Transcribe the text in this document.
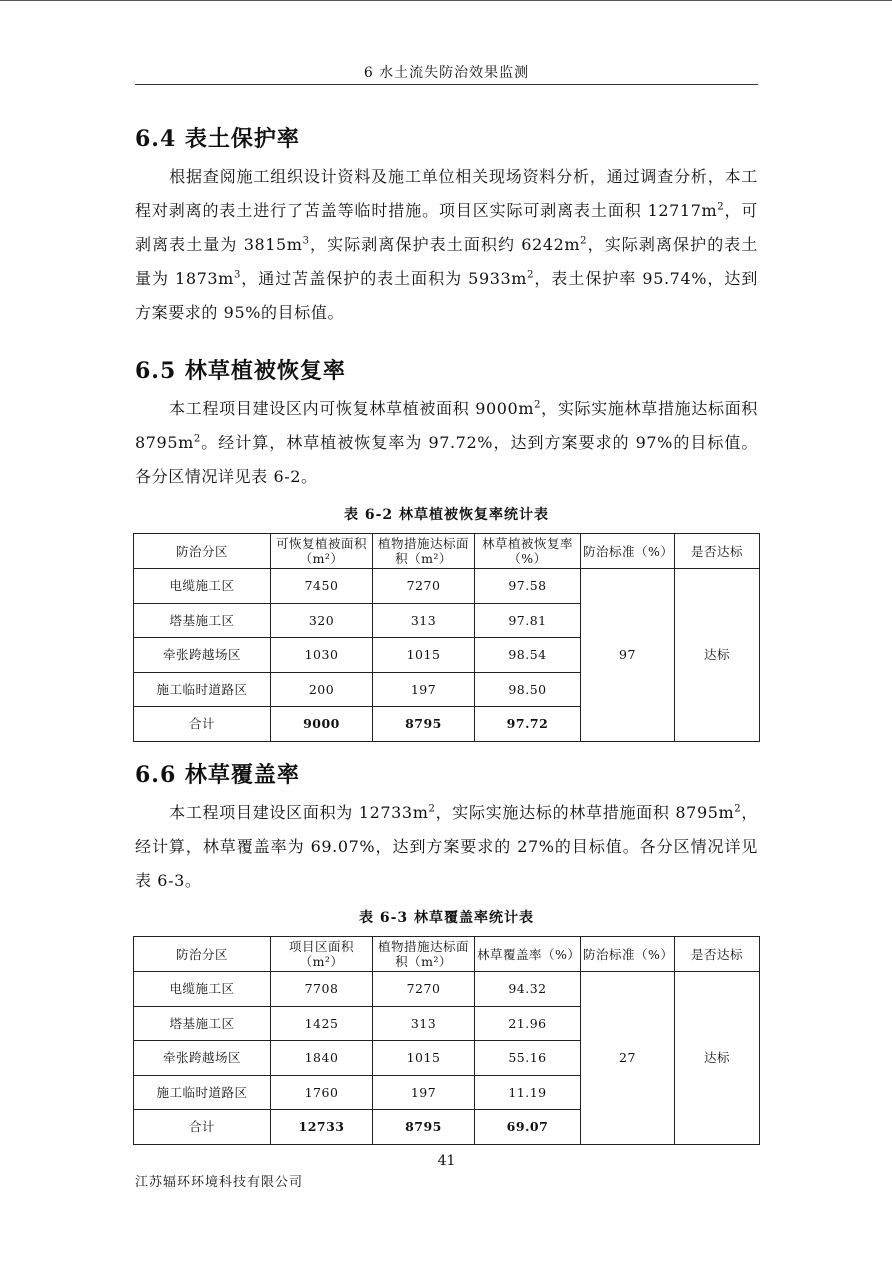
6 水土流失防治效果监测
6.4 表土保护率

根据查阅施工组织设计资料及施工单位相关现场资料分析，通过调查分析，本工程对剥离的表土进行了苫盖等临时措施。项目区实际可剥离表土面积 $12717m^2$，可剥离表土量为 $3815m^3$，实际剥离保护表土面积约 $6242m^2$，实际剥离保护的表土量为 $1873m^3$，通过苫盖保护的表土面积为 $5933m^2$，表土保护率 95.74%，达到方案要求的 95%的目标值。

6.5 林草植被恢复率

本工程项目建设区内可恢复林草植被面积 $9000m^2$，实际实施林草措施达标面积 $8795m^2$。经计算，林草植被恢复率为 97.72%，达到方案要求的 97%的目标值。各分区情况详见表 6-2。

表 6-2 林草植被恢复率统计表
防治分区	可恢复植被面积（m²）	植物措施达标面积（m²）	林草植被恢复率（%）	防治标准（%）	是否达标
电缆施工区	7450	7270	97.58	97	达标
塔基施工区	320	313	97.81		
牵张跨越场区	1030	1015	98.54		
施工临时道路区	200	197	98.50		
合计	9000	8795	97.72		
6.6 林草覆盖率

本工程项目建设区面积为 $12733m^2$，实际实施达标的林草措施面积 $8795m^2$，经计算，林草覆盖率为 69.07%，达到方案要求的 27%的目标值。各分区情况详见表 6-3。

表 6-3 林草覆盖率统计表
防治分区	项目区面积（m²）	植物措施达标面积（m²）	林草覆盖率（%）	防治标准（%）	是否达标
电缆施工区	7708	7270	94.32	27	达标
塔基施工区	1425	313	21.96		
牵张跨越场区	1840	1015	55.16		
施工临时道路区	1760	197	11.19		
合计	12733	8795	69.07		
41
江苏辐环环境科技有限公司
